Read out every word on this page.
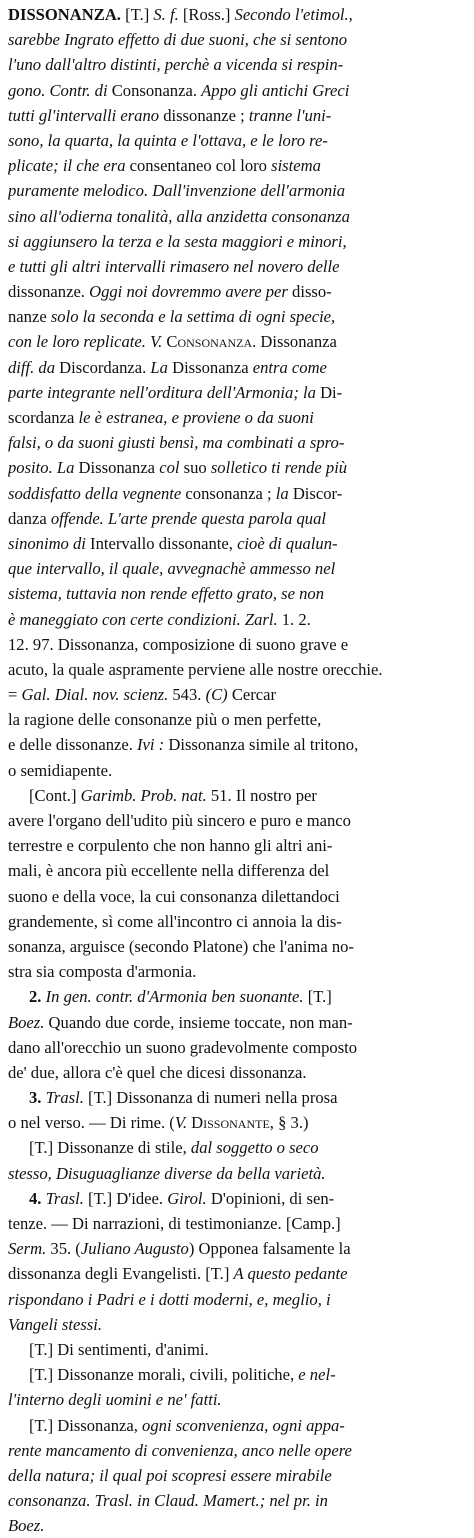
DISSONANZA. [T.] S. f. [Ross.] Secondo l'etimol.,
sarebbe Ingrato effetto di due suoni, che si sentono
l'uno dall'altro distinti, perchè a vicenda si respin-
gono. Contr. di Consonanza. Appo gli antichi Greci
tutti gl'intervalli erano dissonanze ; tranne l'uni-
sono, la quarta, la quinta e l'ottava, e le loro re-
plicate; il che era consentaneo col loro sistema
puramente melodico. Dall'invenzione dell'armonia
sino all'odierna tonalità, alla anzidetta consonanza
si aggiunsero la terza e la sesta maggiori e minori,
e tutti gli altri intervalli rimasero nel novero delle
dissonanze. Oggi noi dovremmo avere per disso-
nanze solo la seconda e la settima di ogni specie,
con le loro replicate. V. Consonanza. Dissonanza
diff. da Discordanza. La Dissonanza entra come
parte integrante nell'orditura dell'Armonia; la Di-
scordanza le è estranea, e proviene o da suoni
falsi, o da suoni giusti bensì, ma combinati a spro-
posito. La Dissonanza col suo solletico ti rende più
soddisfatto della vegnente consonanza ; la Discor-
danza offende. L'arte prende questa parola qual
sinonimo di Intervallo dissonante, cioè di qualun-
que intervallo, il quale, avvegnachè ammesso nel
sistema, tuttavia non rende effetto grato, se non
è maneggiato con certe condizioni. Zarl. 1. 2.
12. 97. Dissonanza, composizione di suono grave e
acuto, la quale aspramente perviene alle nostre orecchie.
= Gal. Dial. nov. scienz. 543. (C) Cercar
la ragione delle consonanze più o men perfette,
e delle dissonanze. Ivi : Dissonanza simile al tritono,
o semidiapente.
[Cont.] Garimb. Prob. nat. 51. Il nostro per
avere l'organo dell'udito più sincero e puro e manco
terrestre e corpulento che non hanno gli altri ani-
mali, è ancora più eccellente nella differenza del
suono e della voce, la cui consonanza dilettandoci
grandemente, sì come all'incontro ci annoia la dis-
sonanza, arguisce (secondo Platone) che l'anima no-
stra sia composta d'armonia.
2. In gen. contr. d'Armonia ben suonante. [T.]
Boez. Quando due corde, insieme toccate, non man-
dano all'orecchio un suono gradevolmente composto
de' due, allora c'è quel che dicesi dissonanza.
3. Trasl. [T.] Dissonanza di numeri nella prosa
o nel verso. — Di rime. (V. Dissonante, § 3.)
[T.] Dissonanze di stile, dal soggetto o seco
stesso, Disuguaglianze diverse da bella varietà.
4. Trasl. [T.] D'idee. Girol. D'opinioni, di sen-
tenze. — Di narrazioni, di testimonianze. [Camp.]
Serm. 35. (Juliano Augusto) Opponea falsamente la
dissonanza degli Evangelisti. [T.] A questo pedante
rispondano i Padri e i dotti moderni, e, meglio, i
Vangeli stessi.
[T.] Di sentimenti, d'animi.
[T.] Dissonanze morali, civili, politiche, e nel-
l'interno degli uomini e ne' fatti.
[T.] Dissonanza, ogni sconvenienza, ogni appa-
rente mancamento di convenienza, anco nelle opere
della natura; il qual poi scopresi essere mirabile
consonanza. Trasl. in Claud. Mamert.; nel pr. in
Boez.
